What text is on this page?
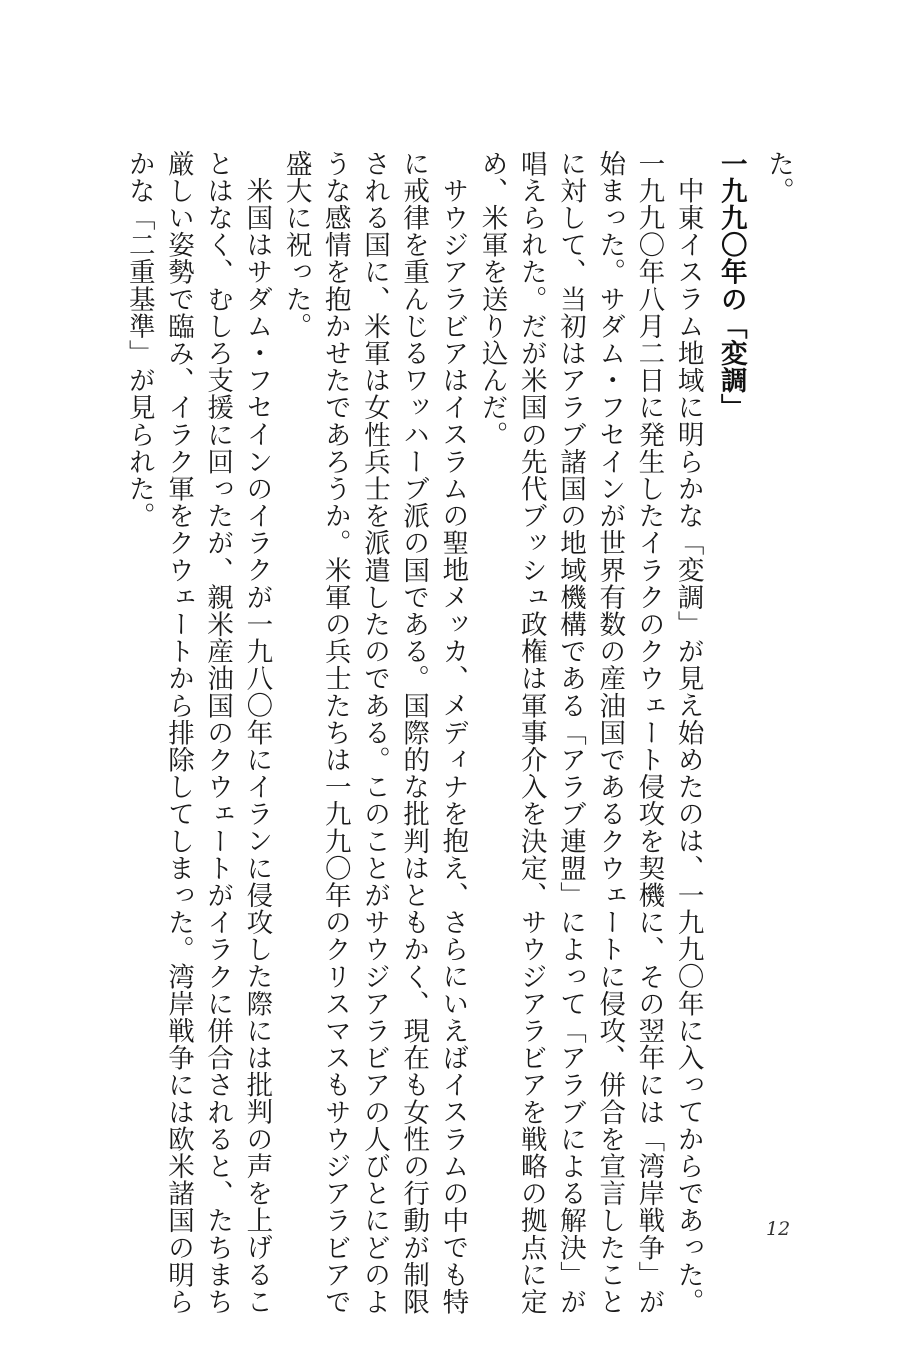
た。

一九九〇年の「変調」

中東イスラム地域に明らかな「変調」が見え始めたのは、一九九〇年に入ってからであった。

一九九〇年八月二日に発生したイラクのクウェート侵攻を契機に、その翌年には「湾岸戦争」が

始まった。サダム・フセインが世界有数の産油国であるクウェートに侵攻、併合を宣言したこと

に対して、当初はアラブ諸国の地域機構である「アラブ連盟」によって「アラブによる解決」が

唱えられた。だが米国の先代ブッシュ政権は軍事介入を決定、サウジアラビアを戦略の拠点に定

め、米軍を送り込んだ。

サウジアラビアはイスラムの聖地メッカ、メディナを抱え、さらにいえばイスラムの中でも特

に戒律を重んじるワッハーブ派の国である。国際的な批判はともかく、現在も女性の行動が制限

される国に、米軍は女性兵士を派遣したのである。このことがサウジアラビアの人びとにどのよ

うな感情を抱かせたであろうか。米軍の兵士たちは一九九〇年のクリスマスもサウジアラビアで

盛大に祝った。

米国はサダム・フセインのイラクが一九八〇年にイランに侵攻した際には批判の声を上げるこ

とはなく、むしろ支援に回ったが、親米産油国のクウェートがイラクに併合されると、たちまち

厳しい姿勢で臨み、イラク軍をクウェートから排除してしまった。湾岸戦争には欧米諸国の明ら

かな「二重基準」が見られた。

12
